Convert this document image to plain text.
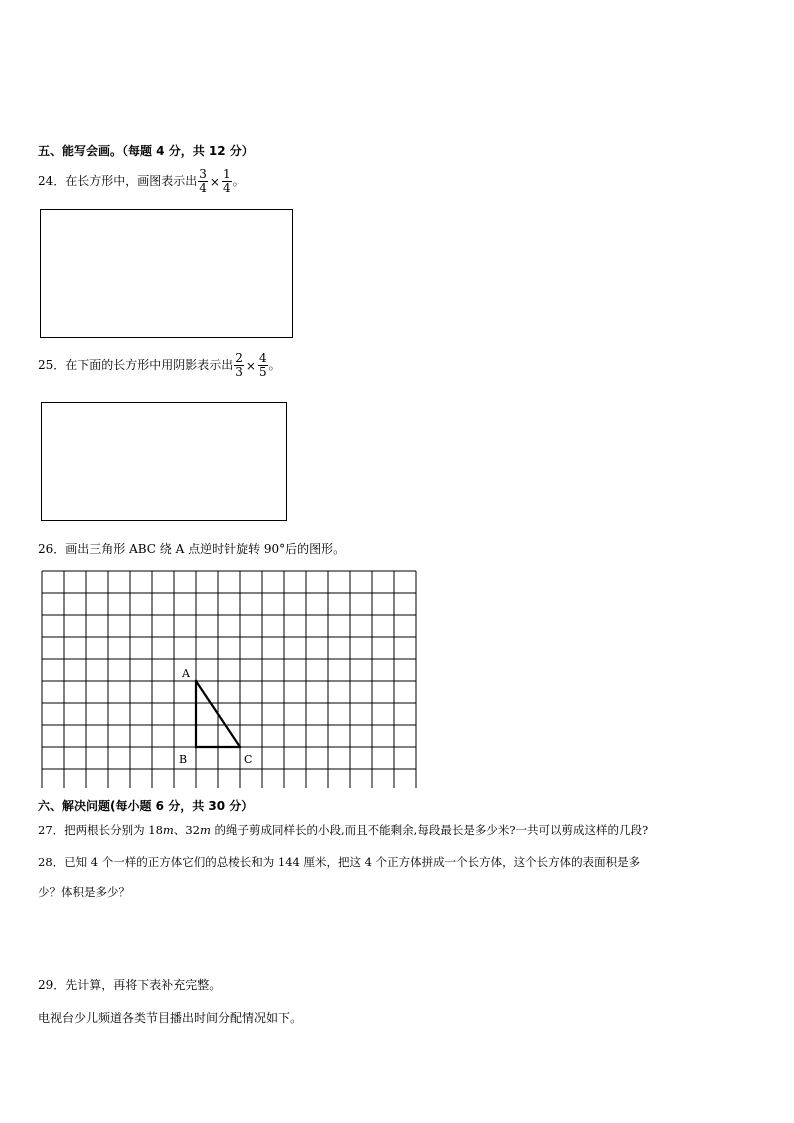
五、能写会画。（每题 4 分，共 12 分）
24．在长方形中，画图表示出 $\frac{3}{4} \times \frac{1}{4}$ 。
25．在下面的长方形中用阴影表示出 $\frac{2}{3} \times \frac{4}{5}$ 。
26．画出三角形 ABC 绕 A 点逆时针旋转 90°后的图形。
A
B	C
六、解决问题(每小题 6 分，共 30 分）
27．把两根长分别为 18m、32m 的绳子剪成同样长的小段,而且不能剩余,每段最长是多少米?一共可以剪成这样的几段?
28．已知 4 个一样的正方体它们的总棱长和为 144 厘米，把这 4 个正方体拼成一个长方体，这个长方体的表面积是多
少？体积是多少？
29．先计算，再将下表补充完整。
电视台少儿频道各类节目播出时间分配情况如下。
